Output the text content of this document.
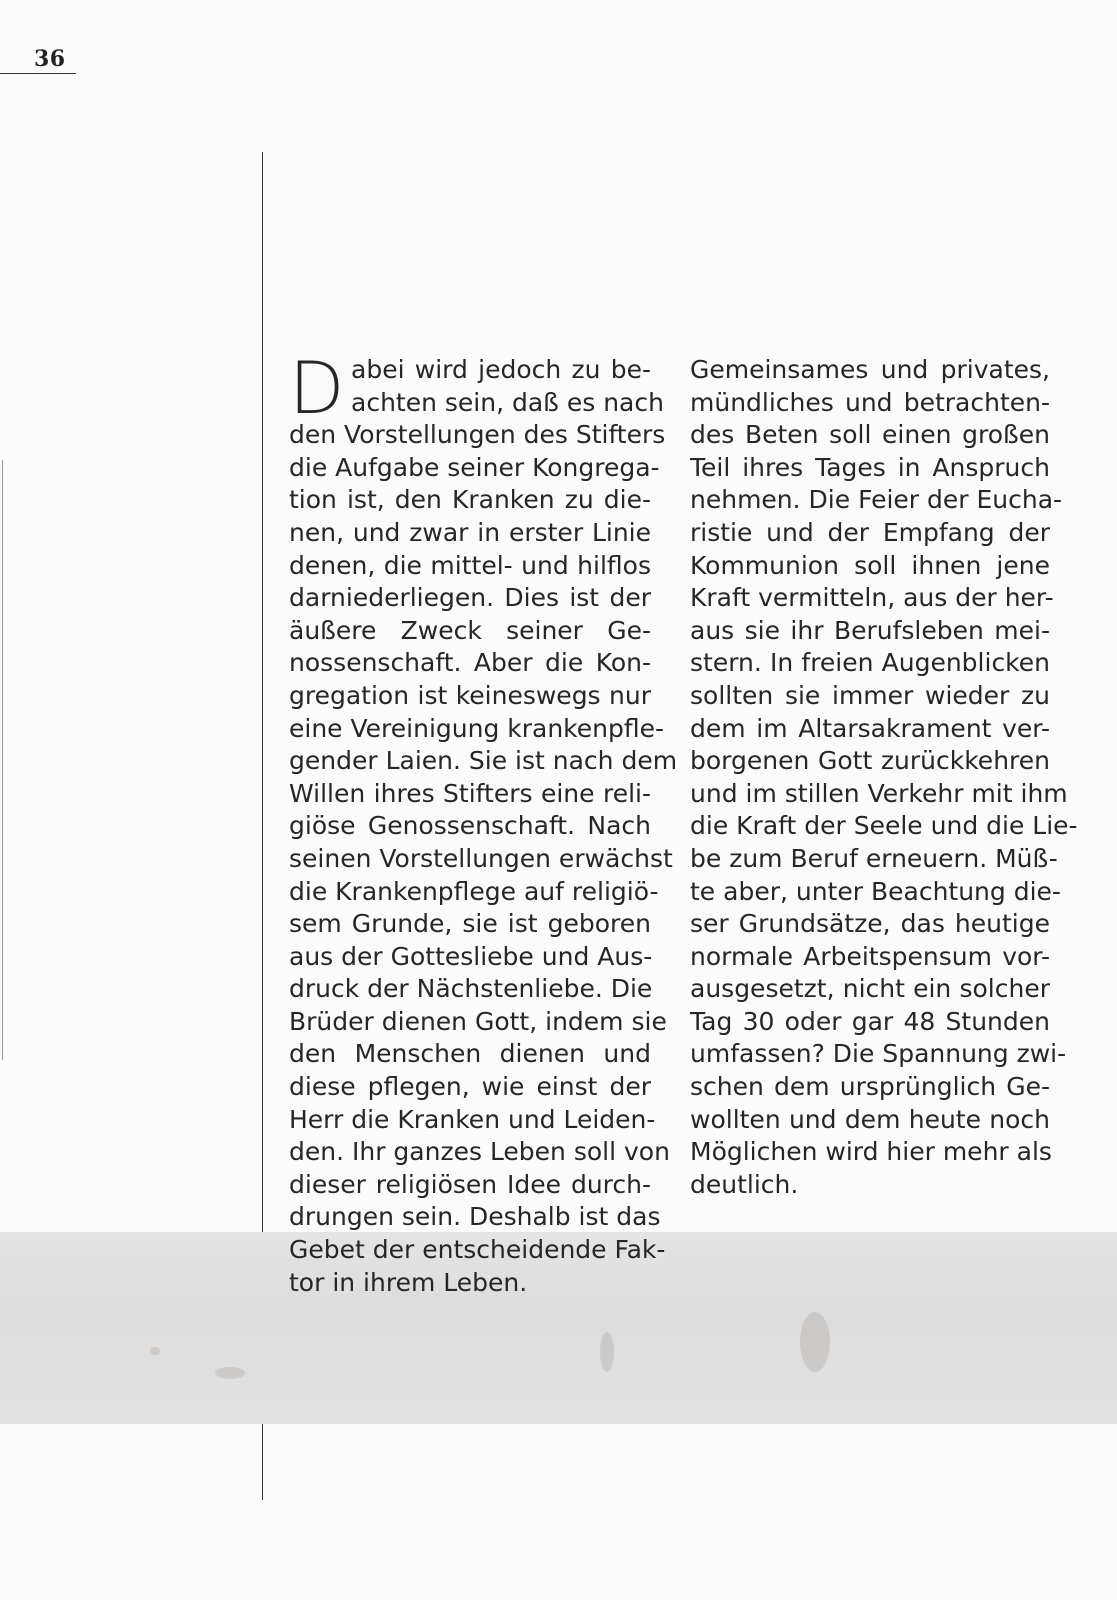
36
D abei wird jedoch zu be-
achten sein, daß es nach
den Vorstellungen des Stifters
die Aufgabe seiner Kongrega-
tion ist, den Kranken zu die-
nen, und zwar in erster Linie
denen, die mittel- und hilflos
darniederliegen. Dies ist der
äußere Zweck seiner Ge-
nossenschaft. Aber die Kon-
gregation ist keineswegs nur
eine Vereinigung krankenpfle-
gender Laien. Sie ist nach dem
Willen ihres Stifters eine reli-
giöse Genossenschaft. Nach
seinen Vorstellungen erwächst
die Krankenpflege auf religiö-
sem Grunde, sie ist geboren
aus der Gottesliebe und Aus-
druck der Nächstenliebe. Die
Brüder dienen Gott, indem sie
den Menschen dienen und
diese pflegen, wie einst der
Herr die Kranken und Leiden-
den. Ihr ganzes Leben soll von
dieser religiösen Idee durch-
drungen sein. Deshalb ist das
Gebet der entscheidende Fak-
tor in ihrem Leben.
Gemeinsames und privates,
mündliches und betrachten-
des Beten soll einen großen
Teil ihres Tages in Anspruch
nehmen. Die Feier der Eucha-
ristie und der Empfang der
Kommunion soll ihnen jene
Kraft vermitteln, aus der her-
aus sie ihr Berufsleben mei-
stern. In freien Augenblicken
sollten sie immer wieder zu
dem im Altarsakrament ver-
borgenen Gott zurückkehren
und im stillen Verkehr mit ihm
die Kraft der Seele und die Lie-
be zum Beruf erneuern. Müß-
te aber, unter Beachtung die-
ser Grundsätze, das heutige
normale Arbeitspensum vor-
ausgesetzt, nicht ein solcher
Tag 30 oder gar 48 Stunden
umfassen? Die Spannung zwi-
schen dem ursprünglich Ge-
wollten und dem heute noch
Möglichen wird hier mehr als
deutlich.
